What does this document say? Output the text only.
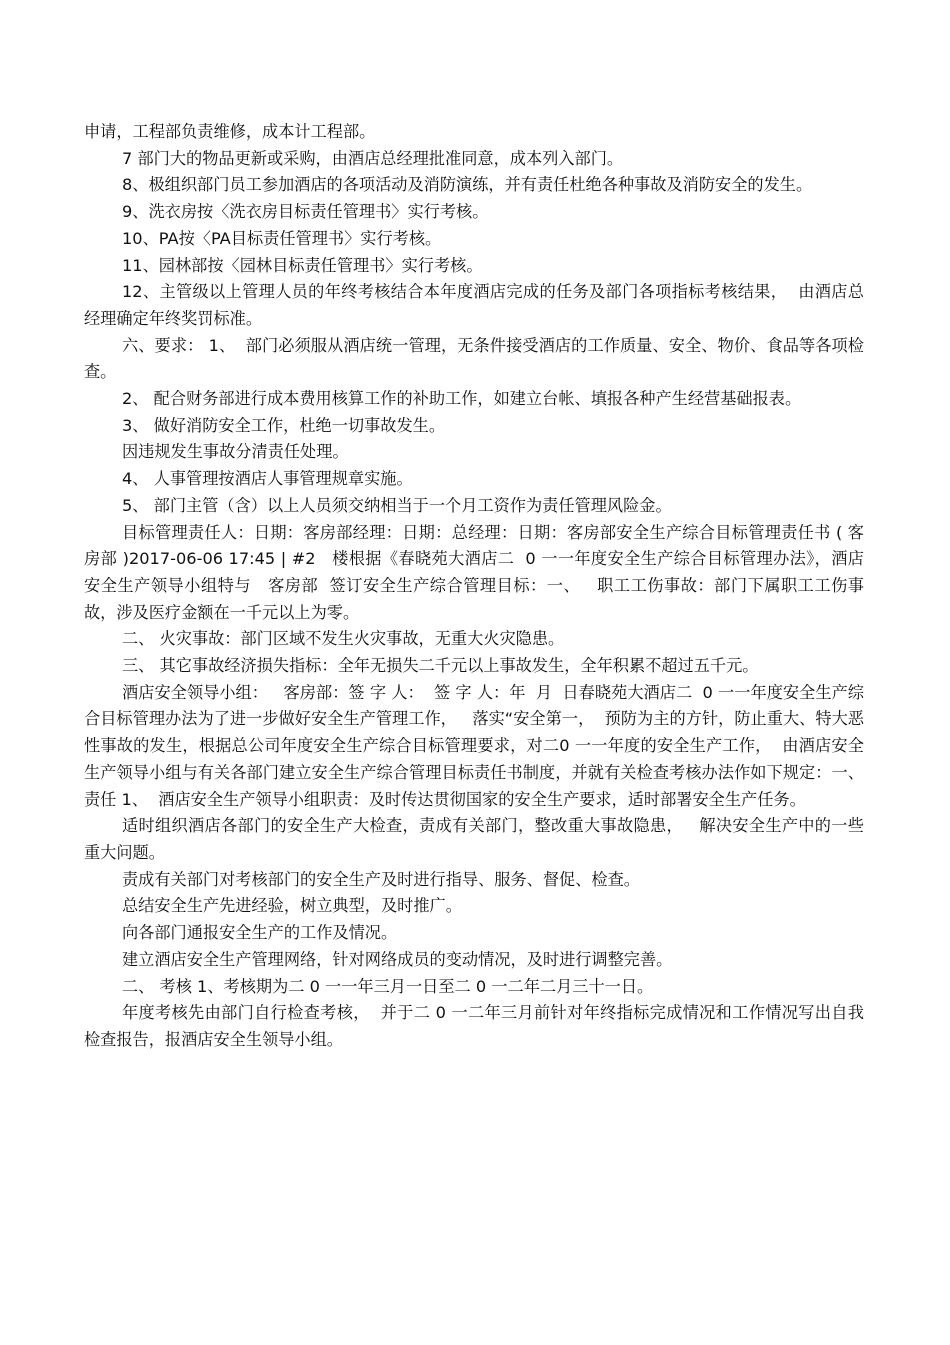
申请，工程部负责维修，成本计工程部。

7 部门大的物品更新或采购，由酒店总经理批准同意，成本列入部门。

8、极组织部门员工参加酒店的各项活动及消防演练，并有责任杜绝各种事故及消防安全的发生。

9、洗衣房按〈洗衣房目标责任管理书〉实行考核。

10、PA按〈PA目标责任管理书〉实行考核。

11、园林部按〈园林目标责任管理书〉实行考核。

12、主管级以上管理人员的年终考核结合本年度酒店完成的任务及部门各项指标考核结果，  由酒店总经理确定年终奖罚标准。

六、要求： 1、  部门必须服从酒店统一管理，无条件接受酒店的工作质量、安全、物价、食品等各项检查。

2、 配合财务部进行成本费用核算工作的补助工作，如建立台帐、填报各种产生经营基础报表。

3、 做好消防安全工作，杜绝一切事故发生。

因违规发生事故分清责任处理。

4、 人事管理按酒店人事管理规章实施。

5、 部门主管（含）以上人员须交纳相当于一个月工资作为责任管理风险金。

目标管理责任人：日期：客房部经理：日期：总经理：日期：客房部安全生产综合目标管理责任书 ( 客房部 )2017-06-06 17:45 | #2   楼根据《春晓苑大酒店二  0 一一年度安全生产综合目标管理办法》，酒店安全生产领导小组特与   客房部  签订安全生产综合管理目标：一、   职工工伤事故：部门下属职工工伤事故，涉及医疗金额在一千元以上为零。

二、 火灾事故：部门区域不发生火灾事故，无重大火灾隐患。

三、 其它事故经济损失指标：全年无损失二千元以上事故发生，全年积累不超过五千元。

酒店安全领导小组：   客房部：签 字 人：  签 字 人：年  月  日春晓苑大酒店二  0 一一年度安全生产综合目标管理办法为了进一步做好安全生产管理工作，   落实“安全第一，  预防为主的方针，防止重大、特大恶性事故的发生，根据总公司年度安全生产综合目标管理要求，对二0 一一年度的安全生产工作，  由酒店安全生产领导小组与有关各部门建立安全生产综合管理目标责任书制度，并就有关检查考核办法作如下规定：一、   责任 1、  酒店安全生产领导小组职责：及时传达贯彻国家的安全生产要求，适时部署安全生产任务。

适时组织酒店各部门的安全生产大检查，责成有关部门，整改重大事故隐患，   解决安全生产中的一些重大问题。

责成有关部门对考核部门的安全生产及时进行指导、服务、督促、检查。

总结安全生产先进经验，树立典型，及时推广。

向各部门通报安全生产的工作及情况。

建立酒店安全生产管理网络，针对网络成员的变动情况，及时进行调整完善。

二、 考核 1、考核期为二 0 一一年三月一日至二 0 一二年二月三十一日。

年度考核先由部门自行检查考核，  并于二 0 一二年三月前针对年终指标完成情况和工作情况写出自我检查报告，报酒店安全生领导小组。
